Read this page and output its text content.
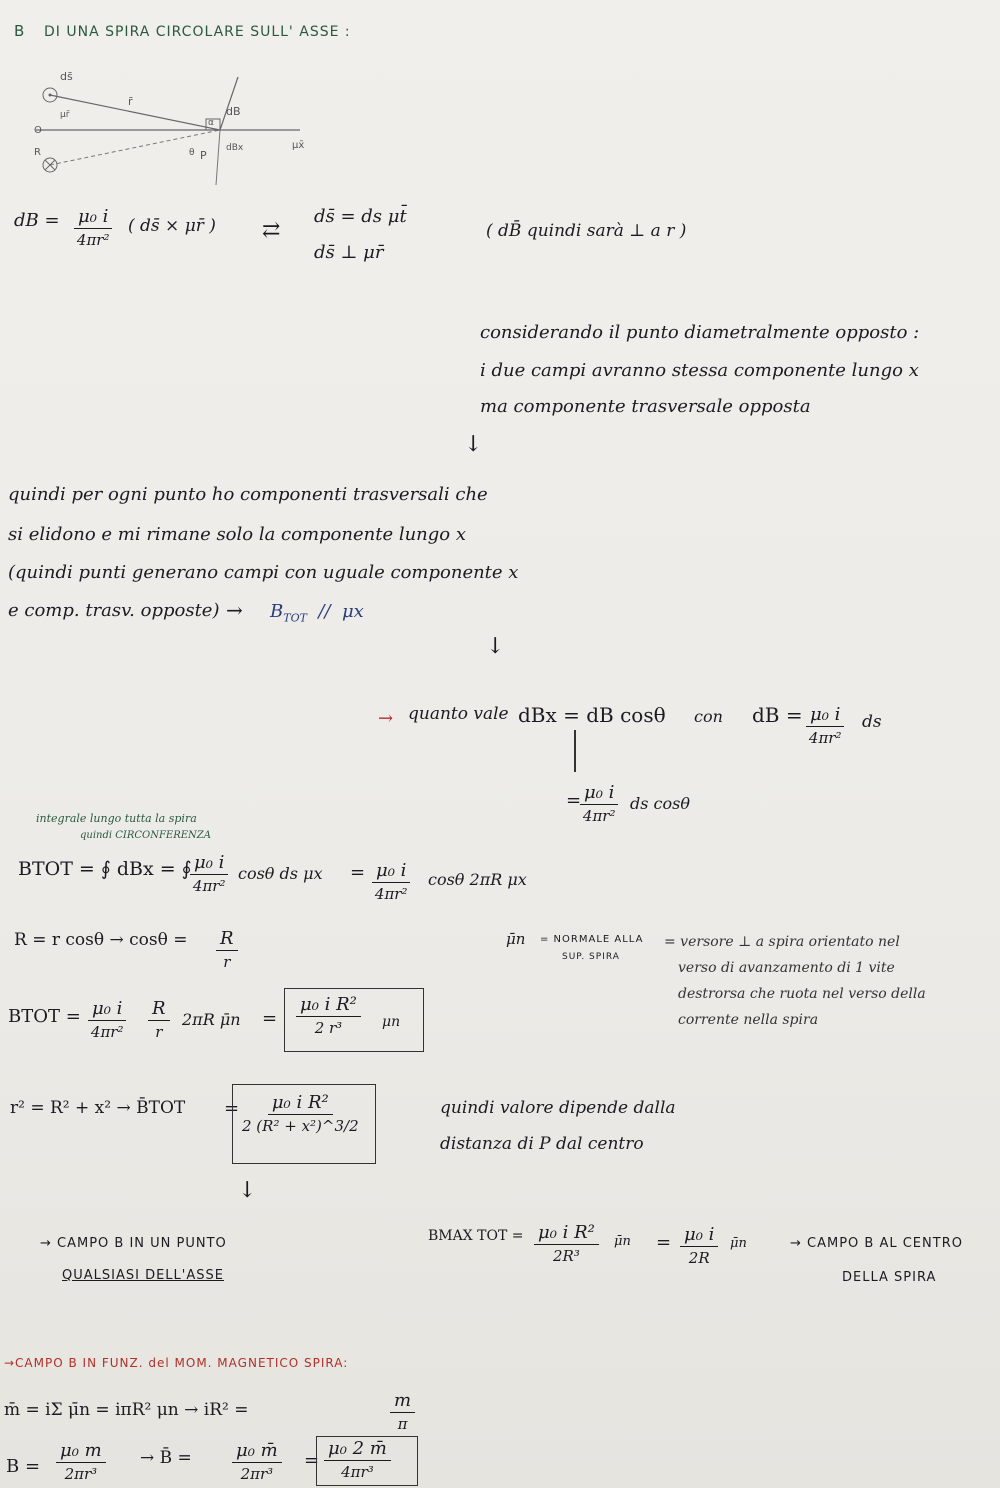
B DI UNA SPIRA CIRCOLARE SULL' ASSE :
ds̄
r̄
μr̄	dB
dBx
P
O
R
μx̄
θ
α
dB = μ₀ i
4πr²
( ds̄ × μr̄ ) ⇄
ds̄ = ds μt̄
ds̄ ⊥ μr̄
( dB̄ quindi sarà ⊥ a r )
considerando il punto diametralmente opposto :
i due campi avranno stessa componente lungo x
ma componente trasversale opposta
↓
quindi per ogni punto ho componenti trasversali che
si elidono e mi rimane solo la componente lungo x
(quindi punti generano campi con uguale componente x
e comp. trasv. opposte) → $B_{TOT}$ // μx
↓
→ quanto vale dBx = dB cosθ con dB = μ₀ i
4πr²
ds
= μ₀ i
4πr²
ds cosθ
integrale lungo tutta la spira
quindi CIRCONFERENZA
BTOT = ∮ dBx = ∮ μ₀ i
4πr²
cosθ ds μx = μ₀ i
4πr²
cosθ 2πR μx
R = r cosθ → cosθ = R
r
μ̄n = NORMALE ALLA
SUP. SPIRA
= versore ⊥ a spira orientato nel
verso di avanzamento di 1 vite
destrorsa che ruota nel verso della
corrente nella spira
BTOT = μ₀ i
4πr²
R
r
2πR μ̄n =
μ₀ i R²
2 r³	μn
r² = R² + x² → B̄TOT = μ₀ i R²
2 (R² + x²)^3/2
quindi valore dipende dalla
distanza di P dal centro
↓
→ CAMPO B IN UN PUNTO
QUALSIASI DELL'ASSE
BMAX TOT = μ₀ i R²
2R³
μ̄n = μ₀ i
2R
μ̄n	→ CAMPO B AL CENTRO
DELLA SPIRA
→CAMPO B IN FUNZ. del MOM. MAGNETICO SPIRA:
m̄ = iΣ μ̄n = iπR² μn → iR² =	m
π
B =
μ₀ m
2πr³
→ B̄ = μ₀ m̄
2πr³
=
μ₀ 2 m̄
4πr³
